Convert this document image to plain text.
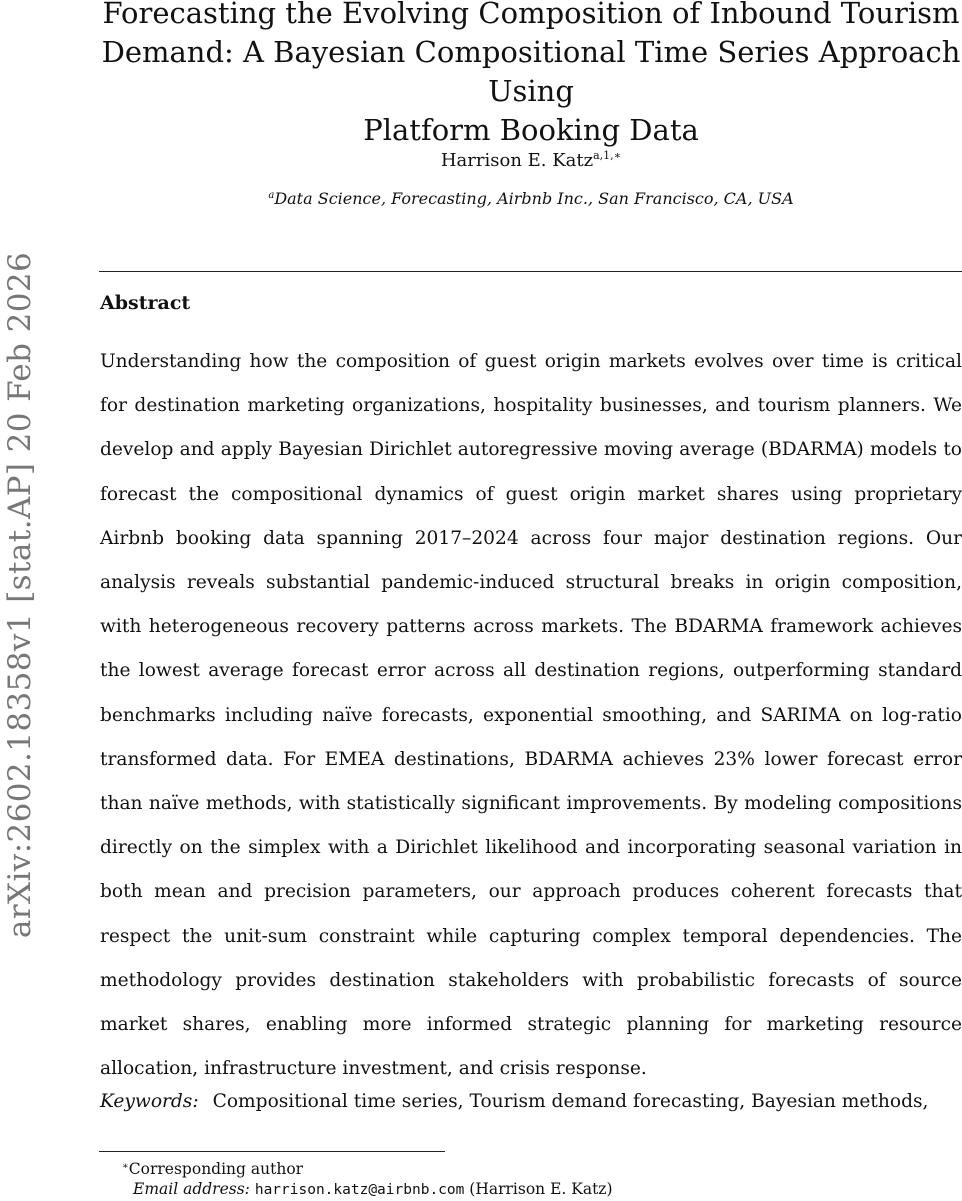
arXiv:2602.18358v1 [stat.AP] 20 Feb 2026
Forecasting the Evolving Composition of Inbound Tourism
Demand: A Bayesian Compositional Time Series Approach Using
Platform Booking Data
Harrison E. Katz$^{a,1,∗}$
$^a$Data Science, Forecasting, Airbnb Inc., San Francisco, CA, USA
Abstract

Understanding how the composition of guest origin markets evolves over time is critical for destination marketing organizations, hospitality businesses, and tourism planners. We develop and apply Bayesian Dirichlet autoregressive moving average (BDARMA) models to forecast the compositional dynamics of guest origin market shares using proprietary Airbnb booking data spanning 2017–2024 across four major destination regions. Our analysis reveals substantial pandemic-induced structural breaks in origin composition, with heterogeneous recovery patterns across markets. The BDARMA framework achieves the lowest average forecast error across all destination regions, outperforming standard benchmarks including naïve forecasts, exponential smoothing, and SARIMA on log-ratio transformed data. For EMEA destinations, BDARMA achieves 23% lower forecast error than naïve methods, with statistically significant improvements. By modeling compositions directly on the simplex with a Dirichlet likelihood and incorporating seasonal variation in both mean and precision parameters, our approach produces coherent forecasts that respect the unit-sum constraint while capturing complex temporal dependencies. The methodology provides destination stakeholders with probabilistic forecasts of source market shares, enabling more informed strategic planning for marketing resource allocation, infrastructure investment, and crisis response.

Keywords: Compositional time series, Tourism demand forecasting, Bayesian methods,
∗Corresponding author
Email address: harrison.katz@airbnb.com (Harrison E. Katz)
